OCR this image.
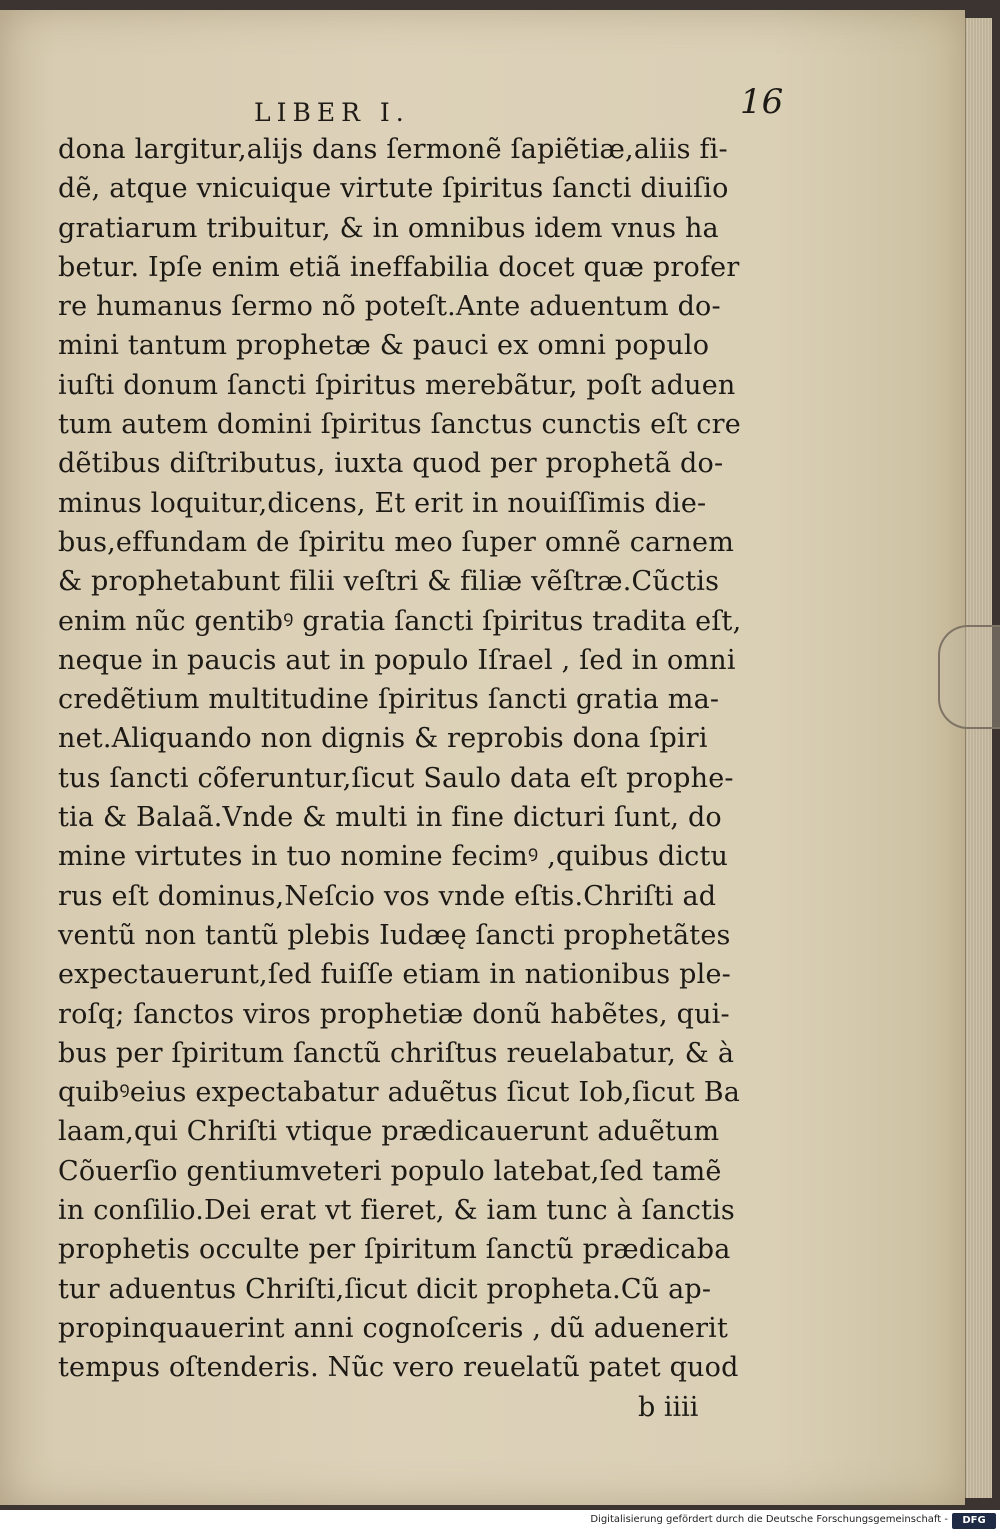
LIBER I.	16
dona largitur,alijs dans ſermonẽ ſapiẽtiæ,aliis fi-
dẽ, atque vnicuique virtute ſpiritus ſancti diuiſio
gratiarum tribuitur, & in omnibus idem vnus ha
betur. Ipſe enim etiã ineffabilia docet quæ profer
re humanus ſermo nõ poteſt.Ante aduentum do-
mini tantum prophetæ & pauci ex omni populo
iuſti donum ſancti ſpiritus merebãtur, poſt aduen
tum autem domini ſpiritus ſanctus cunctis eſt cre
dẽtibus diſtributus, iuxta quod per prophetã do-
minus loquitur,dicens, Et erit in nouiſſimis die-
bus,effundam de ſpiritu meo ſuper omnẽ carnem
& prophetabunt filii veſtri & filiæ vẽſtræ.Cũctis
enim nũc gentibꝰ gratia ſancti ſpiritus tradita eſt,
neque in paucis aut in populo Iſrael , ſed in omni
credẽtium multitudine ſpiritus ſancti gratia ma-
net.Aliquando non dignis & reprobis dona ſpiri
tus ſancti cõferuntur,ſicut Saulo data eſt prophe-
tia & Balaã.Vnde & multi in fine dicturi ſunt, do
mine virtutes in tuo nomine fecimꝰ ,quibus dictu
rus eſt dominus,Neſcio vos vnde eſtis.Chriſti ad
ventũ non tantũ plebis Iudæę ſancti prophetãtes
expectauerunt,ſed fuiſſe etiam in nationibus ple-
roſq; ſanctos viros prophetiæ donũ habẽtes, qui-
bus per ſpiritum ſanctũ chriſtus reuelabatur, & à
quibꝰeius expectabatur aduẽtus ſicut Iob,ſicut Ba
laam,qui Chriſti vtique prædicauerunt aduẽtum
Cõuerſio gentiumveteri populo latebat,ſed tamẽ
in conſilio.Dei erat vt fieret, & iam tunc à ſanctis
prophetis occulte per ſpiritum ſanctũ prædicaba
tur aduentus Chriſti,ſicut dicit propheta.Cũ ap-
propinquauerint anni cognoſceris , dũ aduenerit
tempus oſtenderis. Nũc vero reuelatũ patet quod
b iiii
Digitalisierung gefördert durch die Deutsche Forschungsgemeinschaft -	DFG
